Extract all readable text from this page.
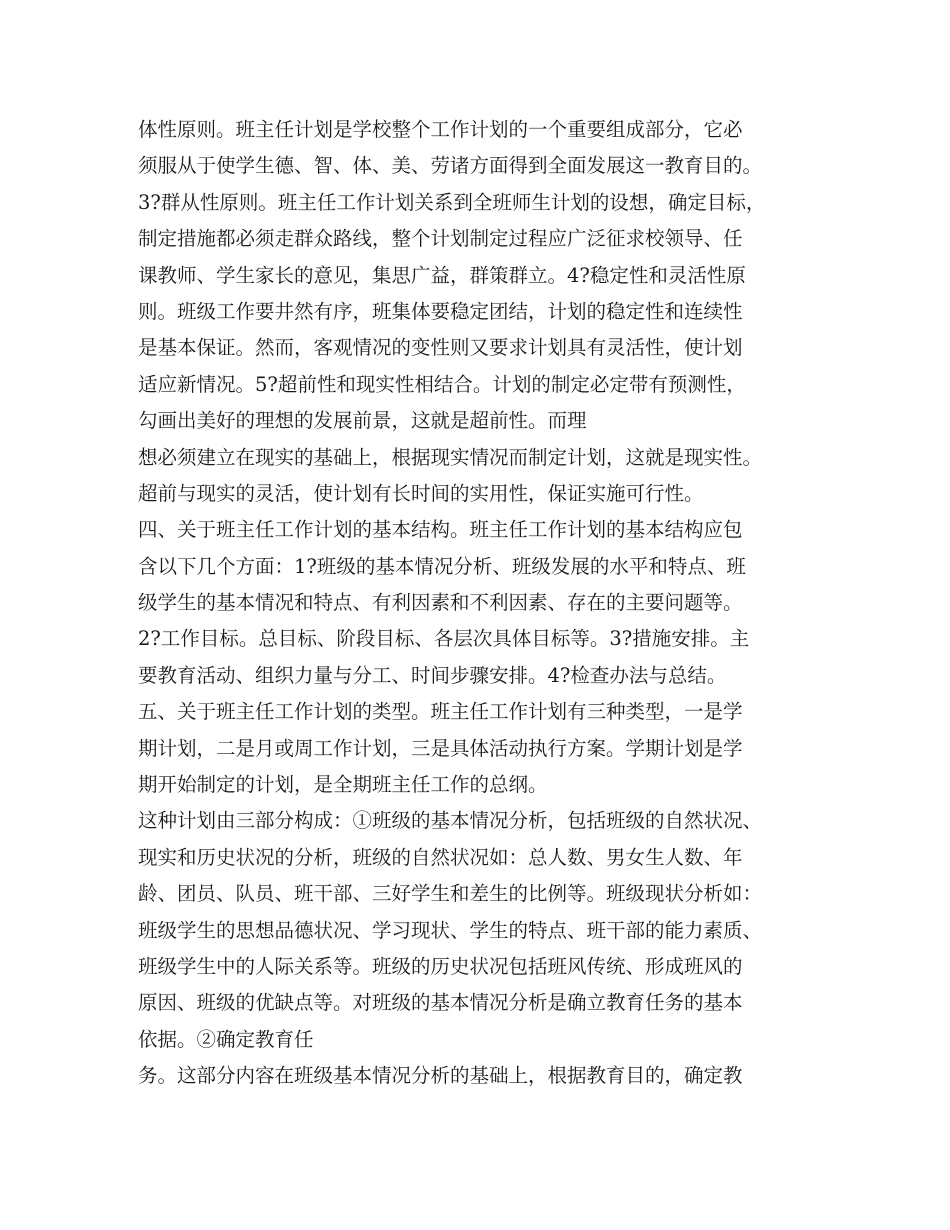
体性原则。班主任计划是学校整个工作计划的一个重要组成部分，它必
须服从于使学生德、智、体、美、劳诸方面得到全面发展这一教育目的。
3?群从性原则。班主任工作计划关系到全班师生计划的设想，确定目标，
制定措施都必须走群众路线，整个计划制定过程应广泛征求校领导、任
课教师、学生家长的意见，集思广益，群策群立。4?稳定性和灵活性原
则。班级工作要井然有序，班集体要稳定团结，计划的稳定性和连续性
是基本保证。然而，客观情况的变性则又要求计划具有灵活性，使计划
适应新情况。5?超前性和现实性相结合。计划的制定必定带有预测性，
勾画出美好的理想的发展前景，这就是超前性。而理
想必须建立在现实的基础上，根据现实情况而制定计划，这就是现实性。
超前与现实的灵活，使计划有长时间的实用性，保证实施可行性。
四、关于班主任工作计划的基本结构。班主任工作计划的基本结构应包
含以下几个方面：1?班级的基本情况分析、班级发展的水平和特点、班
级学生的基本情况和特点、有利因素和不利因素、存在的主要问题等。
2?工作目标。总目标、阶段目标、各层次具体目标等。3?措施安排。主
要教育活动、组织力量与分工、时间步骤安排。4?检查办法与总结。
五、关于班主任工作计划的类型。班主任工作计划有三种类型，一是学
期计划，二是月或周工作计划，三是具体活动执行方案。学期计划是学
期开始制定的计划，是全期班主任工作的总纲。
这种计划由三部分构成：①班级的基本情况分析，包括班级的自然状况、
现实和历史状况的分析，班级的自然状况如：总人数、男女生人数、年
龄、团员、队员、班干部、三好学生和差生的比例等。班级现状分析如：
班级学生的思想品德状况、学习现状、学生的特点、班干部的能力素质、
班级学生中的人际关系等。班级的历史状况包括班风传统、形成班风的
原因、班级的优缺点等。对班级的基本情况分析是确立教育任务的基本
依据。②确定教育任
务。这部分内容在班级基本情况分析的基础上，根据教育目的，确定教
